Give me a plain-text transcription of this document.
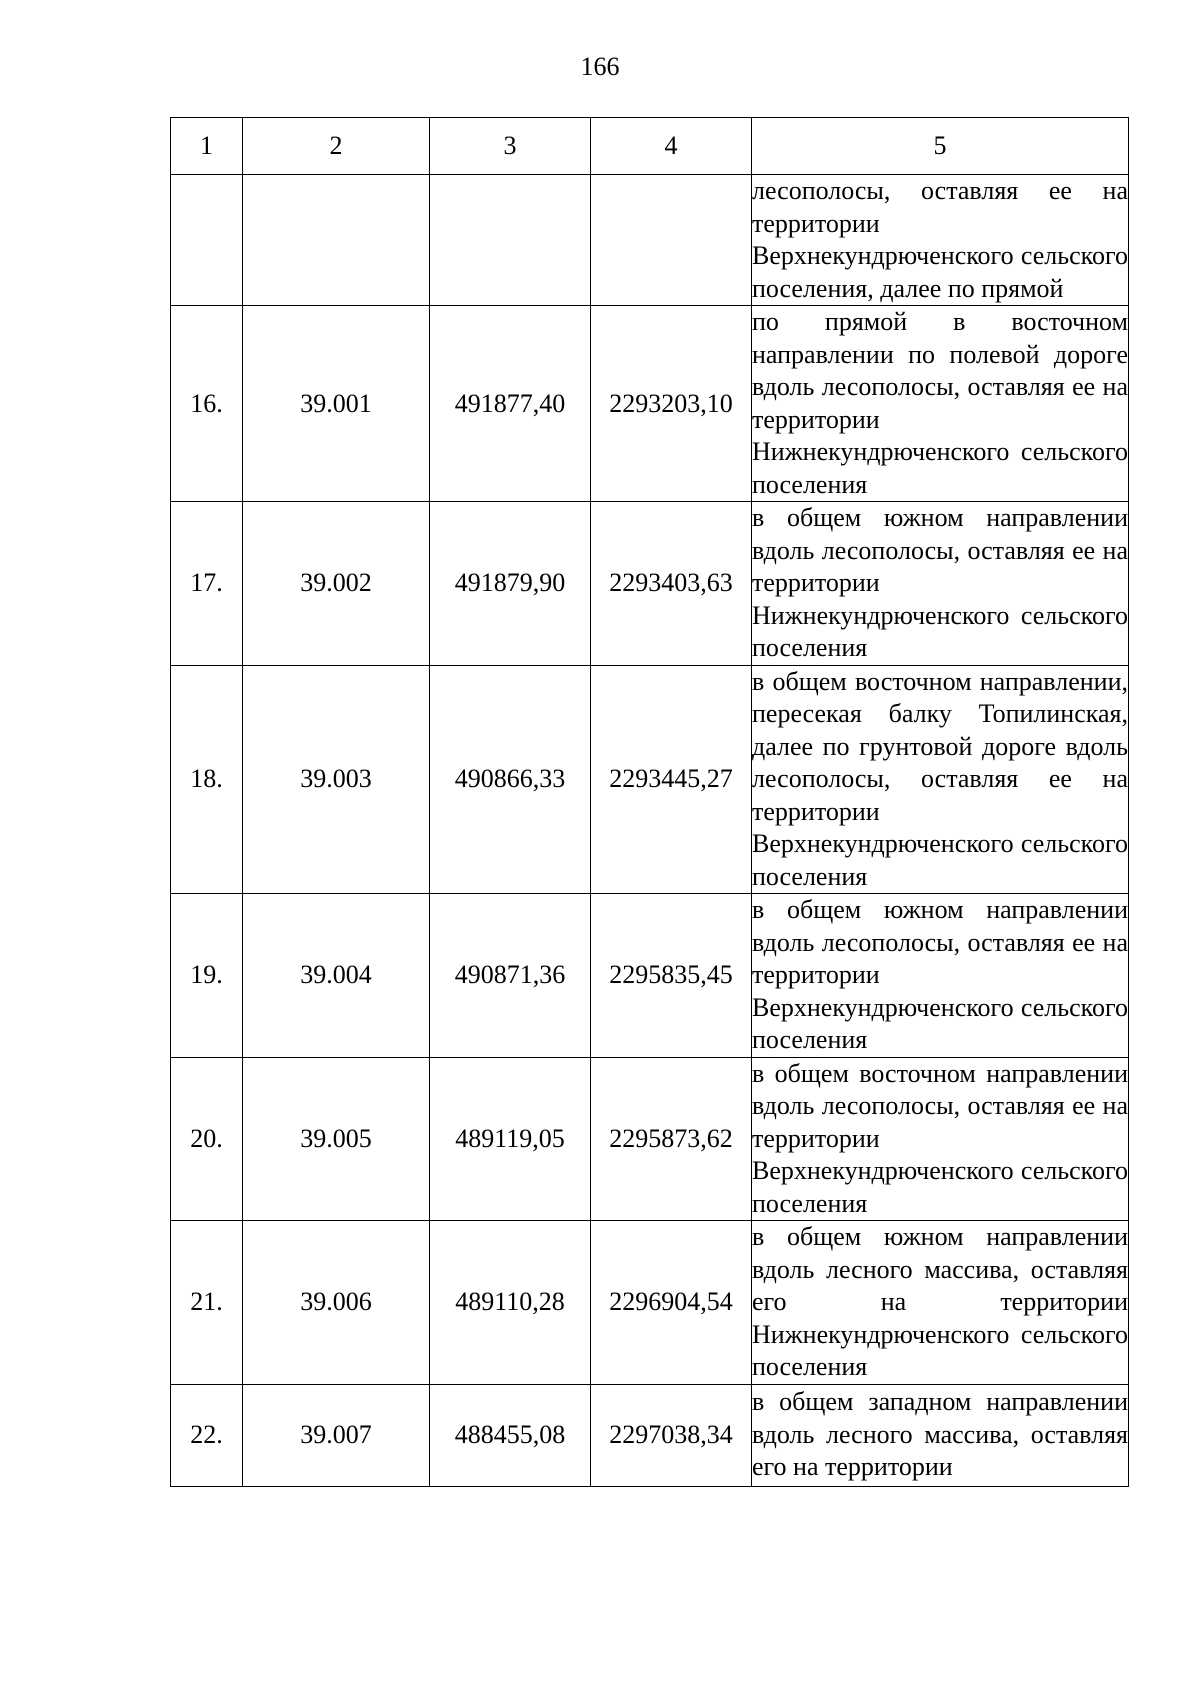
166
1	2	3	4	5
				лесополосы, оставляя ее на территории Верхнекундрюченского сельского поселения, далее по прямой
16.	39.001	491877,40	2293203,10	по прямой в восточном направлении по полевой дороге вдоль лесополосы, оставляя ее на территории Нижнекундрюченского сельского поселения
17.	39.002	491879,90	2293403,63	в общем южном направлении вдоль лесополосы, оставляя ее на территории Нижнекундрюченского сельского поселения
18.	39.003	490866,33	2293445,27	в общем восточном направлении, пересекая балку Топилинская, далее по грунтовой дороге вдоль лесополосы, оставляя ее на территории Верхнекундрюченского сельского поселения
19.	39.004	490871,36	2295835,45	в общем южном направлении вдоль лесополосы, оставляя ее на территории Верхнекундрюченского сельского поселения
20.	39.005	489119,05	2295873,62	в общем восточном направлении вдоль лесополосы, оставляя ее на территории Верхнекундрюченского сельского поселения
21.	39.006	489110,28	2296904,54	в общем южном направлении вдоль лесного массива, оставляя его на территории Нижнекундрюченского сельского поселения
22.	39.007	488455,08	2297038,34	в общем западном направлении вдоль лесного массива, оставляя его на территории
